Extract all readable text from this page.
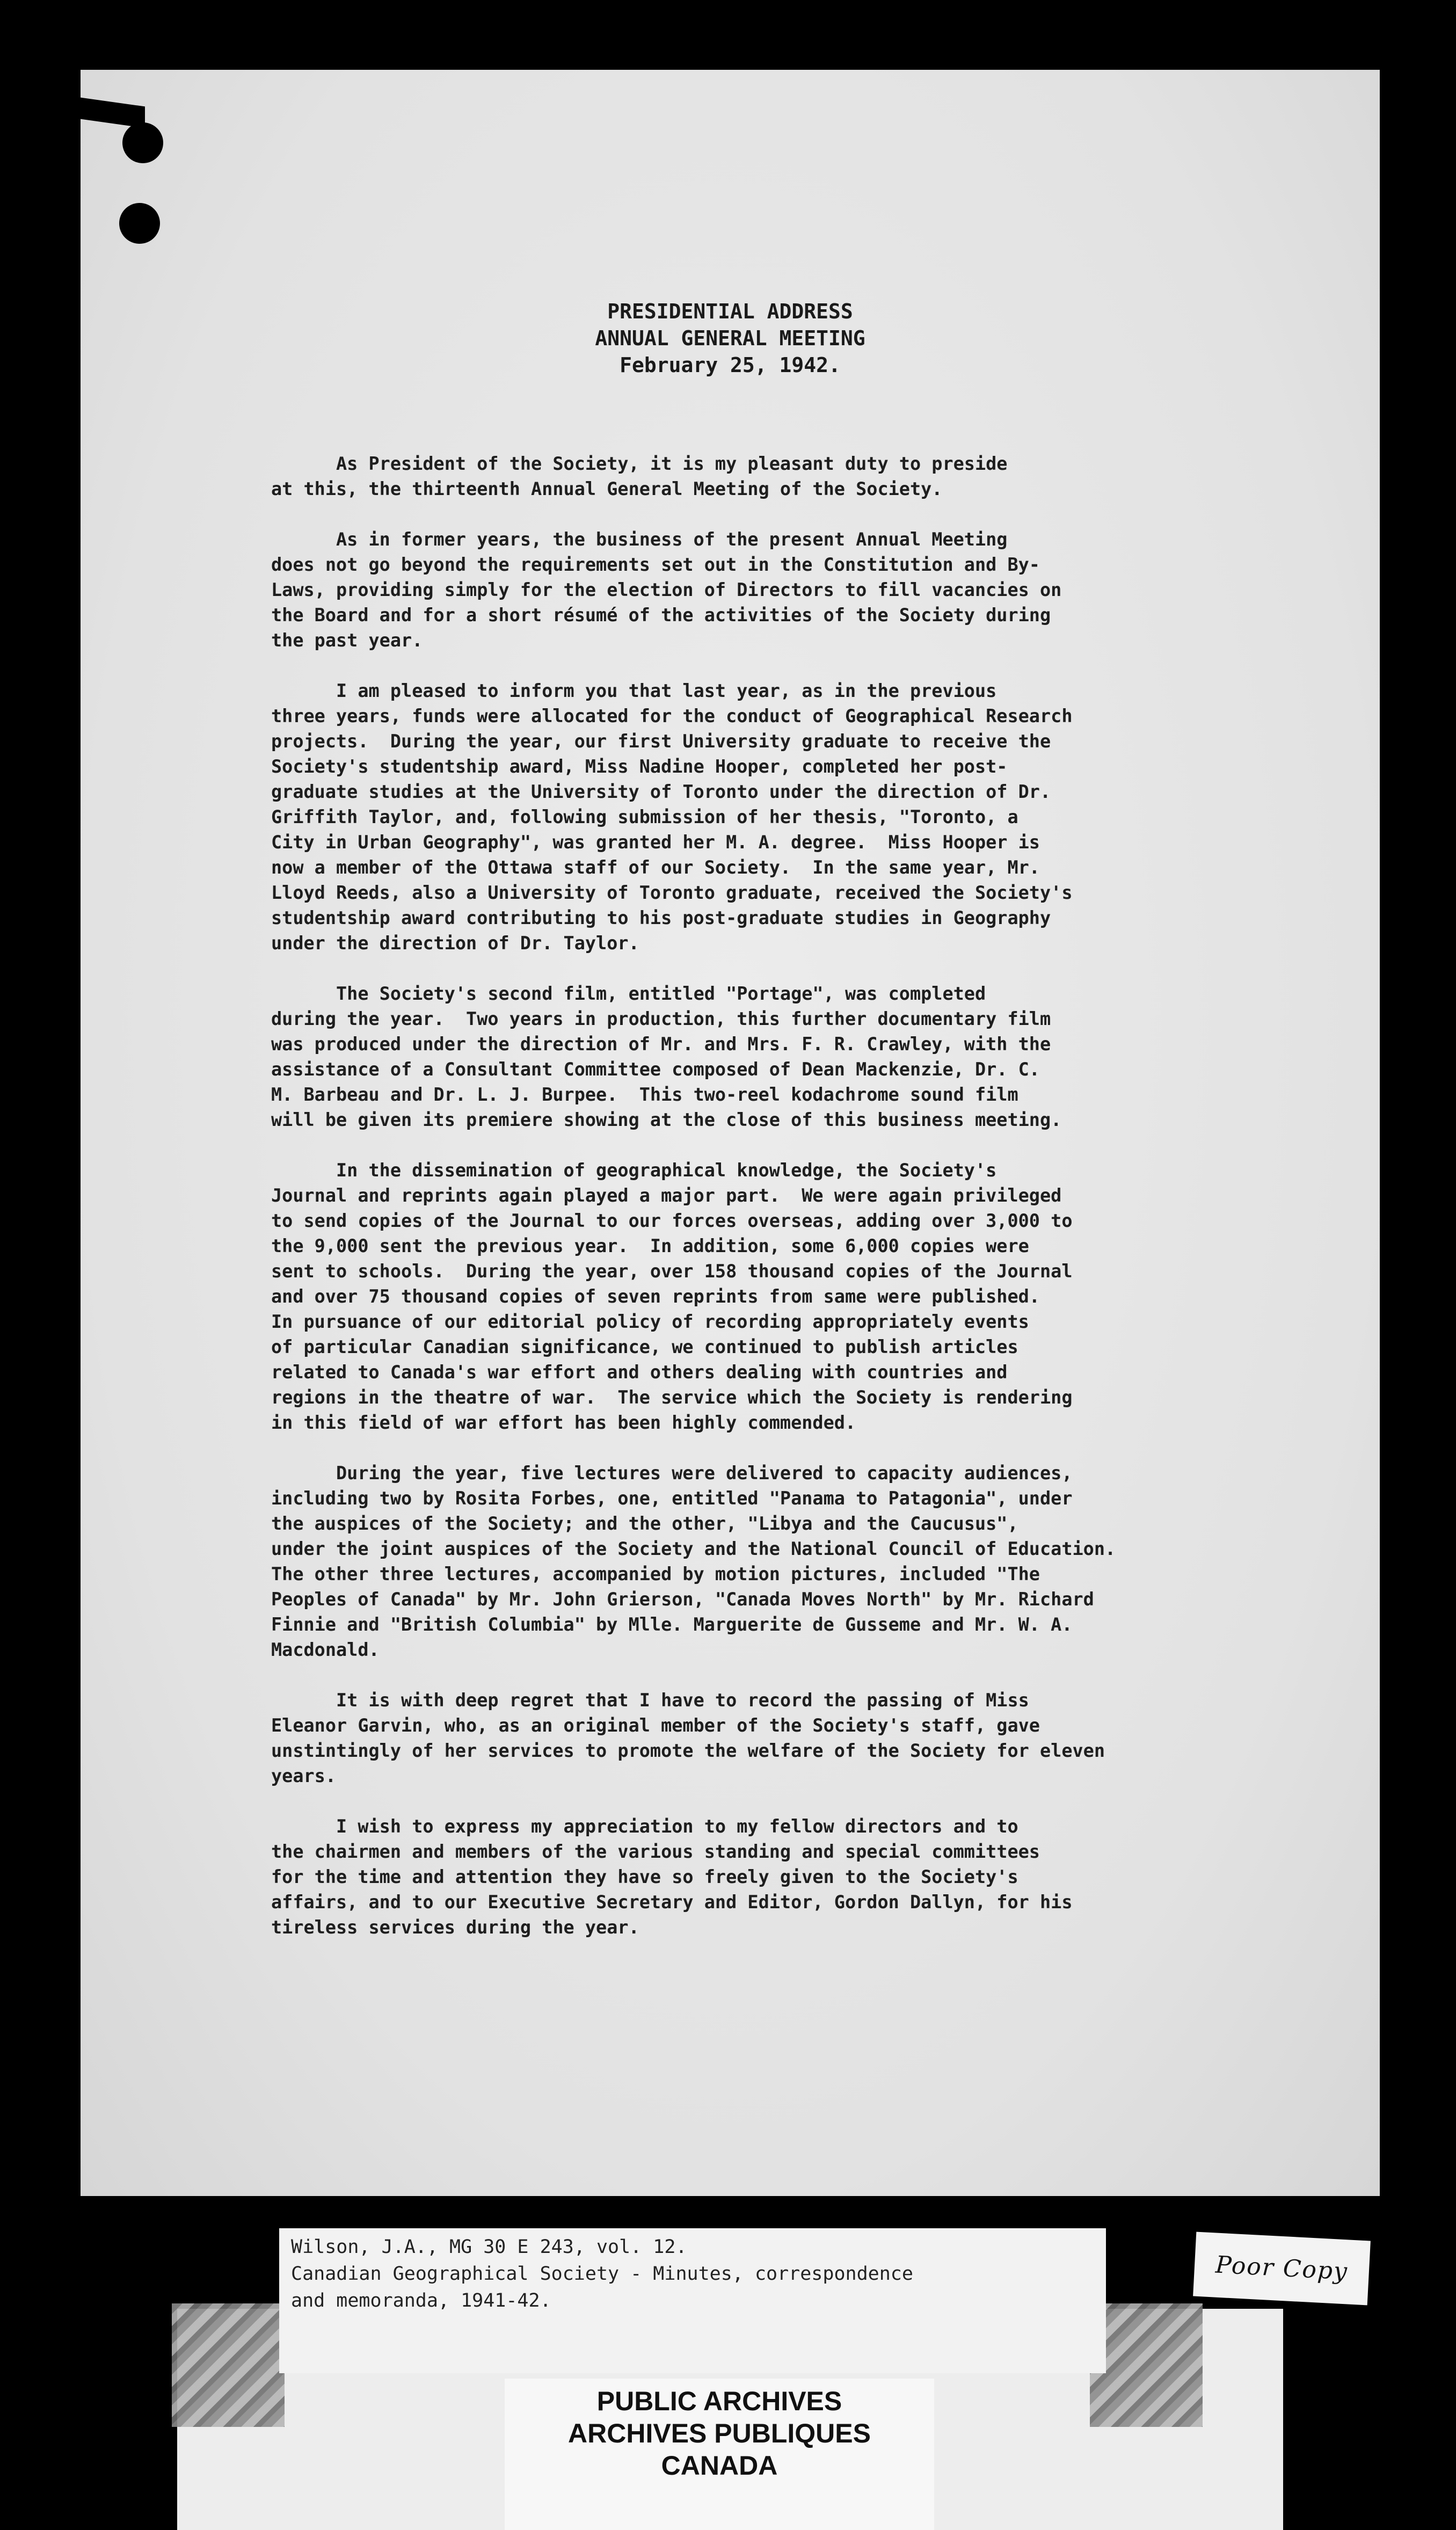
PRESIDENTIAL ADDRESS
ANNUAL GENERAL MEETING
February 25, 1942.
As President of the Society, it is my pleasant duty to preside
at this, the thirteenth Annual General Meeting of the Society.
As in former years, the business of the present Annual Meeting
does not go beyond the requirements set out in the Constitution and By-
Laws, providing simply for the election of Directors to fill vacancies on
the Board and for a short résumé of the activities of the Society during
the past year.
I am pleased to inform you that last year, as in the previous
three years, funds were allocated for the conduct of Geographical Research
projects.  During the year, our first University graduate to receive the
Society's studentship award, Miss Nadine Hooper, completed her post-
graduate studies at the University of Toronto under the direction of Dr.
Griffith Taylor, and, following submission of her thesis, "Toronto, a
City in Urban Geography", was granted her M. A. degree.  Miss Hooper is
now a member of the Ottawa staff of our Society.  In the same year, Mr.
Lloyd Reeds, also a University of Toronto graduate, received the Society's
studentship award contributing to his post-graduate studies in Geography
under the direction of Dr. Taylor.
The Society's second film, entitled "Portage", was completed
during the year.  Two years in production, this further documentary film
was produced under the direction of Mr. and Mrs. F. R. Crawley, with the
assistance of a Consultant Committee composed of Dean Mackenzie, Dr. C.
M. Barbeau and Dr. L. J. Burpee.  This two-reel kodachrome sound film
will be given its premiere showing at the close of this business meeting.
In the dissemination of geographical knowledge, the Society's
Journal and reprints again played a major part.  We were again privileged
to send copies of the Journal to our forces overseas, adding over 3,000 to
the 9,000 sent the previous year.  In addition, some 6,000 copies were
sent to schools.  During the year, over 158 thousand copies of the Journal
and over 75 thousand copies of seven reprints from same were published.
In pursuance of our editorial policy of recording appropriately events
of particular Canadian significance, we continued to publish articles
related to Canada's war effort and others dealing with countries and
regions in the theatre of war.  The service which the Society is rendering
in this field of war effort has been highly commended.
During the year, five lectures were delivered to capacity audiences,
including two by Rosita Forbes, one, entitled "Panama to Patagonia", under
the auspices of the Society; and the other, "Libya and the Caucusus",
under the joint auspices of the Society and the National Council of Education.
The other three lectures, accompanied by motion pictures, included "The
Peoples of Canada" by Mr. John Grierson, "Canada Moves North" by Mr. Richard
Finnie and "British Columbia" by Mlle. Marguerite de Gusseme and Mr. W. A.
Macdonald.
It is with deep regret that I have to record the passing of Miss
Eleanor Garvin, who, as an original member of the Society's staff, gave
unstintingly of her services to promote the welfare of the Society for eleven
years.
I wish to express my appreciation to my fellow directors and to
the chairmen and members of the various standing and special committees
for the time and attention they have so freely given to the Society's
affairs, and to our Executive Secretary and Editor, Gordon Dallyn, for his
tireless services during the year.
Wilson, J.A., MG 30 E 243, vol. 12.
Canadian Geographical Society - Minutes, correspondence
and memoranda, 1941-42.
Poor Copy
PUBLIC ARCHIVES
ARCHIVES PUBLIQUES
CANADA
